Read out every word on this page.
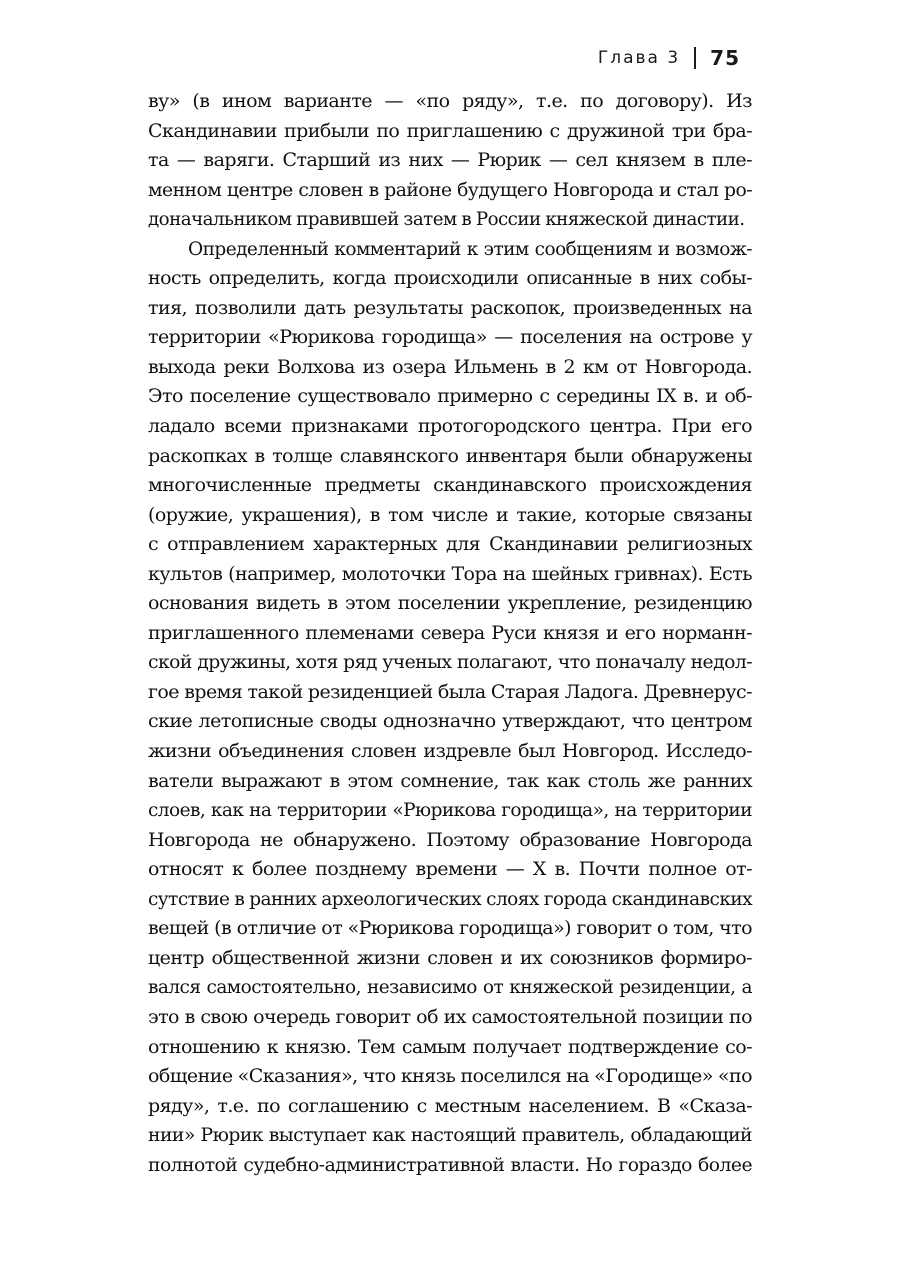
Глава 3 75
ву» (в ином варианте — «по ряду», т.е. по договору). Из
Скандинавии прибыли по приглашению с дружиной три бра-
та — варяги. Старший из них — Рюрик — сел князем в пле-
менном центре словен в районе будущего Новгорода и стал ро-
доначальником правившей затем в России княжеской династии.
Определенный комментарий к этим сообщениям и возмож-
ность определить, когда происходили описанные в них собы-
тия, позволили дать результаты раскопок, произведенных на
территории «Рюрикова городища» — поселения на острове у
выхода реки Волхова из озера Ильмень в 2 км от Новгорода.
Это поселение существовало примерно с середины IX в. и об-
ладало всеми признаками протогородского центра. При его
раскопках в толще славянского инвентаря были обнаружены
многочисленные предметы скандинавского происхождения
(оружие, украшения), в том числе и такие, которые связаны
с отправлением характерных для Скандинавии религиозных
культов (например, молоточки Тора на шейных гривнах). Есть
основания видеть в этом поселении укрепление, резиденцию
приглашенного племенами севера Руси князя и его норманн-
ской дружины, хотя ряд ученых полагают, что поначалу недол-
гое время такой резиденцией была Старая Ладога. Древнерус-
ские летописные своды однозначно утверждают, что центром
жизни объединения словен издревле был Новгород. Исследо-
ватели выражают в этом сомнение, так как столь же ранних
слоев, как на территории «Рюрикова городища», на территории
Новгорода не обнаружено. Поэтому образование Новгорода
относят к более позднему времени — X в. Почти полное от-
сутствие в ранних археологических слоях города скандинавских
вещей (в отличие от «Рюрикова городища») говорит о том, что
центр общественной жизни словен и их союзников формиро-
вался самостоятельно, независимо от княжеской резиденции, а
это в свою очередь говорит об их самостоятельной позиции по
отношению к князю. Тем самым получает подтверждение со-
общение «Сказания», что князь поселился на «Городище» «по
ряду», т.е. по соглашению с местным населением. В «Сказа-
нии» Рюрик выступает как настоящий правитель, обладающий
полнотой судебно-административной власти. Но гораздо более
